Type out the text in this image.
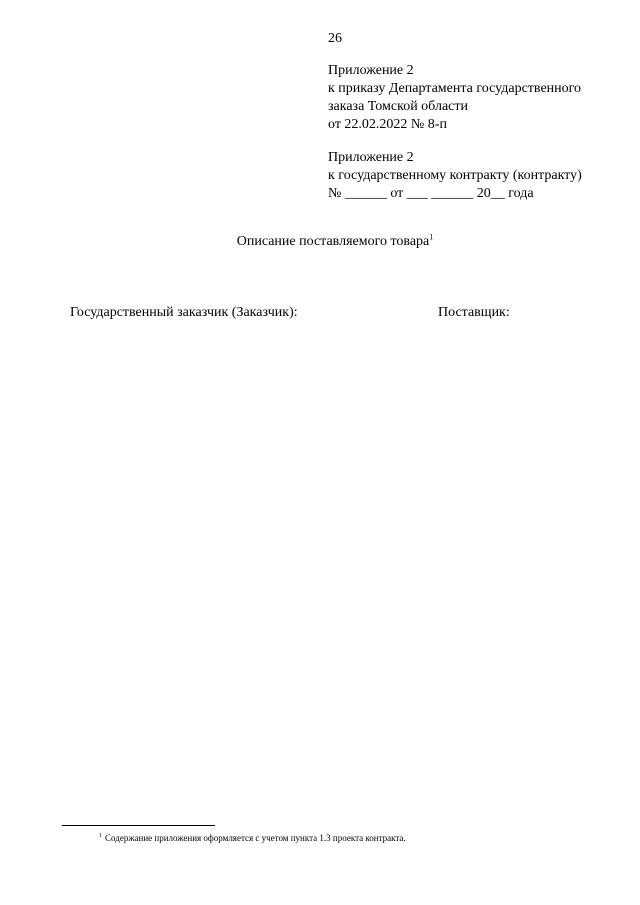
26
Приложение 2
к приказу Департамента государственного
заказа Томской области
от 22.02.2022 № 8-п
Приложение 2
к государственному контракту (контракту)
№ ______ от ___ ______ 20__ года
Описание поставляемого товара$^1$
Государственный заказчик (Заказчик):	Поставщик:
$^1$ Содержание приложения оформляется с учетом пункта 1.3 проекта контракта.
